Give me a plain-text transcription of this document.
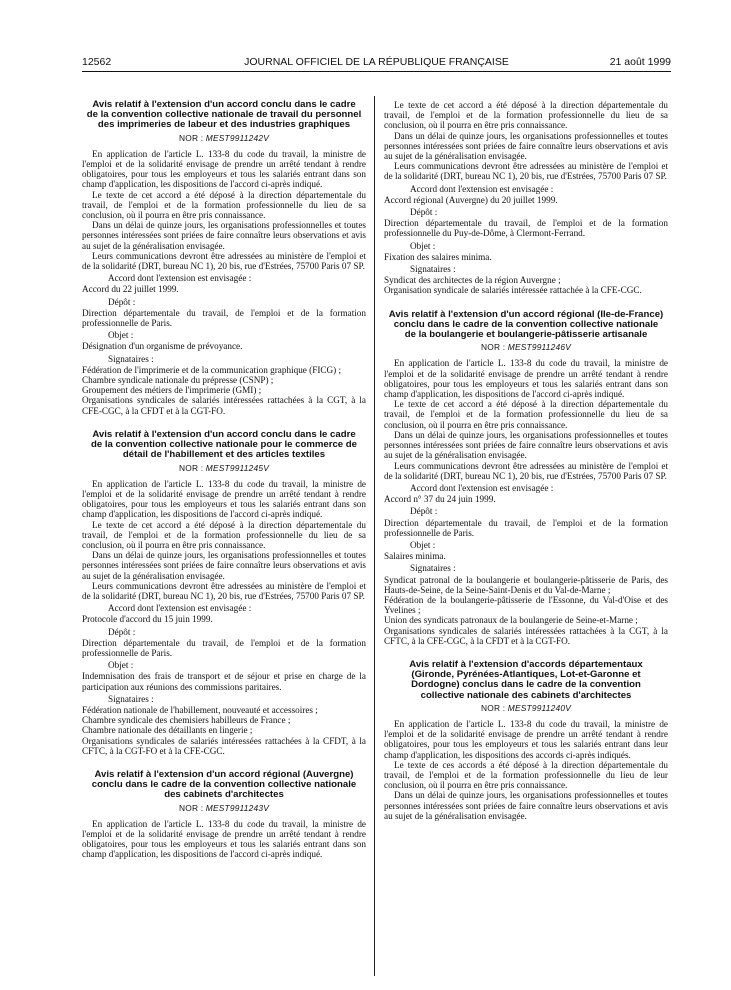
12562	JOURNAL OFFICIEL DE LA RÉPUBLIQUE FRANÇAISE	21 août 1999
Avis relatif à l'extension d'un accord conclu dans le cadre de la convention collective nationale de travail du personnel des imprimeries de labeur et des industries graphiques
NOR : MEST9911242V

En application de l'article L. 133-8 du code du travail, la ministre de l'emploi et de la solidarité envisage de prendre un arrêté tendant à rendre obligatoires, pour tous les employeurs et tous les salariés entrant dans son champ d'application, les dispositions de l'accord ci-après indiqué.

Le texte de cet accord a été déposé à la direction départementale du travail, de l'emploi et de la formation professionnelle du lieu de sa conclusion, où il pourra en être pris connaissance.

Dans un délai de quinze jours, les organisations professionnelles et toutes personnes intéressées sont priées de faire connaître leurs observations et avis au sujet de la généralisation envisagée.

Leurs communications devront être adressées au ministère de l'emploi et de la solidarité (DRT, bureau NC 1), 20 bis, rue d'Estrées, 75700 Paris 07 SP.

Accord dont l'extension est envisagée :
Accord du 22 juillet 1999.
Dépôt :
Direction départementale du travail, de l'emploi et de la formation professionnelle de Paris.
Objet :
Désignation d'un organisme de prévoyance.
Signataires :
Fédération de l'imprimerie et de la communication graphique (FICG) ;
Chambre syndicale nationale du prépresse (CSNP) ;
Groupement des métiers de l'imprimerie (GMI) ;
Organisations syndicales de salariés intéressées rattachées à la CGT, à la CFE-CGC, à la CFDT et à la CGT-FO.
Avis relatif à l'extension d'un accord conclu dans le cadre de la convention collective nationale pour le commerce de détail de l'habillement et des articles textiles
NOR : MEST9911245V

En application de l'article L. 133-8 du code du travail, la ministre de l'emploi et de la solidarité envisage de prendre un arrêté tendant à rendre obligatoires, pour tous les employeurs et tous les salariés entrant dans son champ d'application, les dispositions de l'accord ci-après indiqué.

Le texte de cet accord a été déposé à la direction départementale du travail, de l'emploi et de la formation professionnelle du lieu de sa conclusion, où il pourra en être pris connaissance.

Dans un délai de quinze jours, les organisations professionnelles et toutes personnes intéressées sont priées de faire connaître leurs observations et avis au sujet de la généralisation envisagée.

Leurs communications devront être adressées au ministère de l'emploi et de la solidarité (DRT, bureau NC 1), 20 bis, rue d'Estrées, 75700 Paris 07 SP.

Accord dont l'extension est envisagée :
Protocole d'accord du 15 juin 1999.
Dépôt :
Direction départementale du travail, de l'emploi et de la formation professionnelle de Paris.
Objet :
Indemnisation des frais de transport et de séjour et prise en charge de la participation aux réunions des commissions paritaires.
Signataires :
Fédération nationale de l'habillement, nouveauté et accessoires ;
Chambre syndicale des chemisiers habilleurs de France ;
Chambre nationale des détaillants en lingerie ;
Organisations syndicales de salariés intéressées rattachées à la CFDT, à la CFTC, à la CGT-FO et à la CFE-CGC.
Avis relatif à l'extension d'un accord régional (Auvergne) conclu dans le cadre de la convention collective nationale des cabinets d'architectes
NOR : MEST9911243V

En application de l'article L. 133-8 du code du travail, la ministre de l'emploi et de la solidarité envisage de prendre un arrêté tendant à rendre obligatoires, pour tous les employeurs et tous les salariés entrant dans son champ d'application, les dispositions de l'accord ci-après indiqué.

Le texte de cet accord a été déposé à la direction départementale du travail, de l'emploi et de la formation professionnelle du lieu de sa conclusion, où il pourra en être pris connaissance.

Dans un délai de quinze jours, les organisations professionnelles et toutes personnes intéressées sont priées de faire connaître leurs observations et avis au sujet de la généralisation envisagée.

Leurs communications devront être adressées au ministère de l'emploi et de la solidarité (DRT, bureau NC 1), 20 bis, rue d'Estrées, 75700 Paris 07 SP.

Accord dont l'extension est envisagée :
Accord régional (Auvergne) du 20 juillet 1999.
Dépôt :
Direction départementale du travail, de l'emploi et de la formation professionnelle du Puy-de-Dôme, à Clermont-Ferrand.
Objet :
Fixation des salaires minima.
Signataires :
Syndicat des architectes de la région Auvergne ;
Organisation syndicale de salariés intéressée rattachée à la CFE-CGC.
Avis relatif à l'extension d'un accord régional (Ile-de-France) conclu dans le cadre de la convention collective nationale de la boulangerie et boulangerie-pâtisserie artisanale
NOR : MEST9911246V

En application de l'article L. 133-8 du code du travail, la ministre de l'emploi et de la solidarité envisage de prendre un arrêté tendant à rendre obligatoires, pour tous les employeurs et tous les salariés entrant dans son champ d'application, les dispositions de l'accord ci-après indiqué.

Le texte de cet accord a été déposé à la direction départementale du travail, de l'emploi et de la formation professionnelle du lieu de sa conclusion, où il pourra en être pris connaissance.

Dans un délai de quinze jours, les organisations professionnelles et toutes personnes intéressées sont priées de faire connaître leurs observations et avis au sujet de la généralisation envisagée.

Leurs communications devront être adressées au ministère de l'emploi et de la solidarité (DRT, bureau NC 1), 20 bis, rue d'Estrées, 75700 Paris 07 SP.

Accord dont l'extension est envisagée :
Accord n° 37 du 24 juin 1999.
Dépôt :
Direction départementale du travail, de l'emploi et de la formation professionnelle de Paris.
Objet :
Salaires minima.
Signataires :
Syndicat patronal de la boulangerie et boulangerie-pâtisserie de Paris, des Hauts-de-Seine, de la Seine-Saint-Denis et du Val-de-Marne ;
Fédération de la boulangerie-pâtisserie de l'Essonne, du Val-d'Oise et des Yvelines ;
Union des syndicats patronaux de la boulangerie de Seine-et-Marne ;
Organisations syndicales de salariés intéressées rattachées à la CGT, à la CFTC, à la CFE-CGC, à la CFDT et à la CGT-FO.
Avis relatif à l'extension d'accords départementaux (Gironde, Pyrénées-Atlantiques, Lot-et-Garonne et Dordogne) conclus dans le cadre de la convention collective nationale des cabinets d'architectes
NOR : MEST9911240V

En application de l'article L. 133-8 du code du travail, la ministre de l'emploi et de la solidarité envisage de prendre un arrêté tendant à rendre obligatoires, pour tous les employeurs et tous les salariés entrant dans leur champ d'application, les dispositions des accords ci-après indiqués.

Le texte de ces accords a été déposé à la direction départementale du travail, de l'emploi et de la formation professionnelle du lieu de leur conclusion, où il pourra en être pris connaissance.

Dans un délai de quinze jours, les organisations professionnelles et toutes personnes intéressées sont priées de faire connaître leurs observations et avis au sujet de la généralisation envisagée.
